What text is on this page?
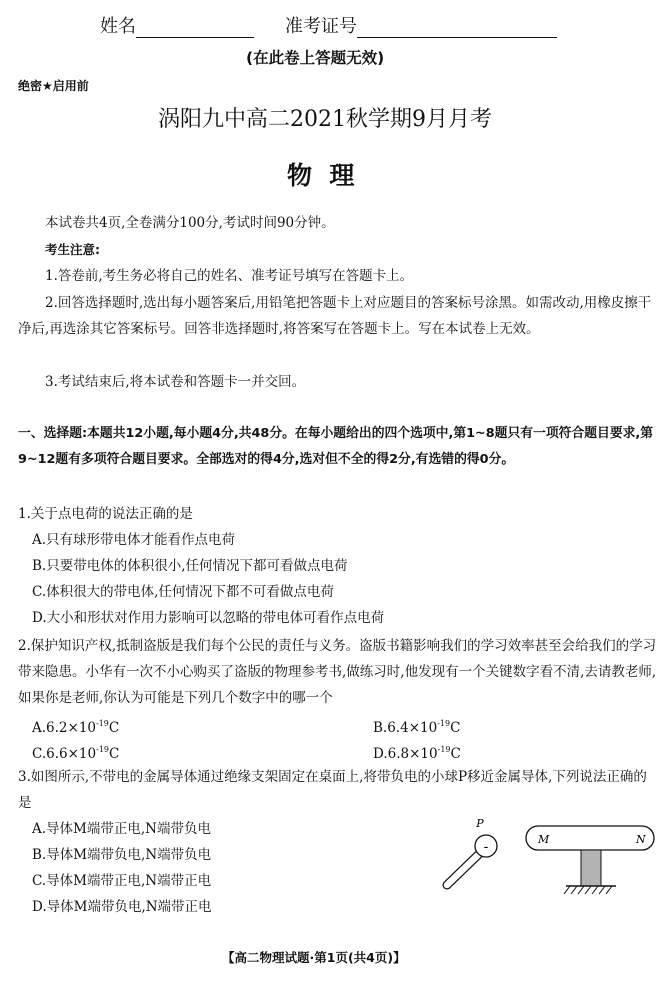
姓名	准考证号
(在此卷上答题无效)
绝密★启用前
涡阳九中高二2021秋学期9月月考
物  理
本试卷共4页,全卷满分100分,考试时间90分钟。
考生注意:
1.答卷前,考生务必将自己的姓名、准考证号填写在答题卡上。
2.回答选择题时,选出每小题答案后,用铅笔把答题卡上对应题目的答案标号涂黑。如需改动,用橡皮擦干净后,再选涂其它答案标号。回答非选择题时,将答案写在答题卡上。写在本试卷上无效。
3.考试结束后,将本试卷和答题卡一并交回。
一、选择题:本题共12小题,每小题4分,共48分。在每小题给出的四个选项中,第1~8题只有一项符合题目要求,第9~12题有多项符合题目要求。全部选对的得4分,选对但不全的得2分,有选错的得0分。
1.关于点电荷的说法正确的是
A.只有球形带电体才能看作点电荷
B.只要带电体的体积很小,任何情况下都可看做点电荷
C.体积很大的带电体,任何情况下都不可看做点电荷
D.大小和形状对作用力影响可以忽略的带电体可看作点电荷
2.保护知识产权,抵制盗版是我们每个公民的责任与义务。盗版书籍影响我们的学习效率甚至会给我们的学习带来隐患。小华有一次不小心购买了盗版的物理参考书,做练习时,他发现有一个关键数字看不清,去请教老师,如果你是老师,你认为可能是下列几个数字中的哪一个
$A.6.2\times 10^{-19}C$	$B.6.4\times 10^{-19}C$
$C.6.6\times 10^{-19}C$	$D.6.8\times 10^{-19}C$
3.如图所示,不带电的金属导体通过绝缘支架固定在桌面上,将带负电的小球P移近金属导体,下列说法正确的是
A.导体M端带正电,N端带负电
B.导体M端带负电,N端带负电
C.导体M端带正电,N端带正电
D.导体M端带负电,N端带正电
-
P
M	N
【高二物理试题·第1页(共4页)】
